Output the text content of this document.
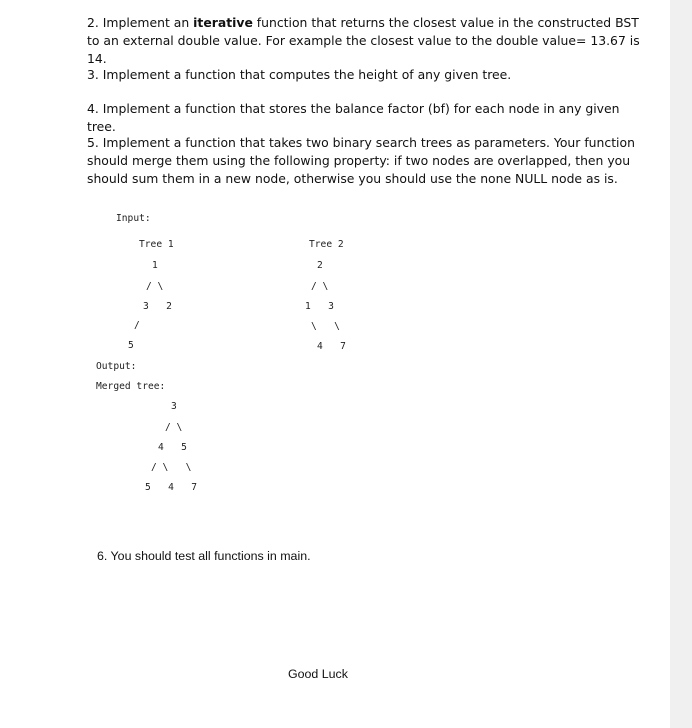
2. Implement an iterative function that returns the closest value in the constructed BST to an external double value. For example the closest value to the double value= 13.67 is 14.
3. Implement a function that computes the height of any given tree.
4. Implement a function that stores the balance factor (bf) for each node in any given tree.
5. Implement a function that takes two binary search trees as parameters. Your function should merge them using the following property: if two nodes are overlapped, then you should sum them in a new node, otherwise you should use the none NULL node as is.
Input:
Tree 1
1
/ \
3   2
/
5
Tree 2
2
/ \
1   3
\   \
4   7
Output:
Merged tree:
3
/ \
4   5
/ \   \
5   4   7
6. You should test all functions in main.
Good Luck
